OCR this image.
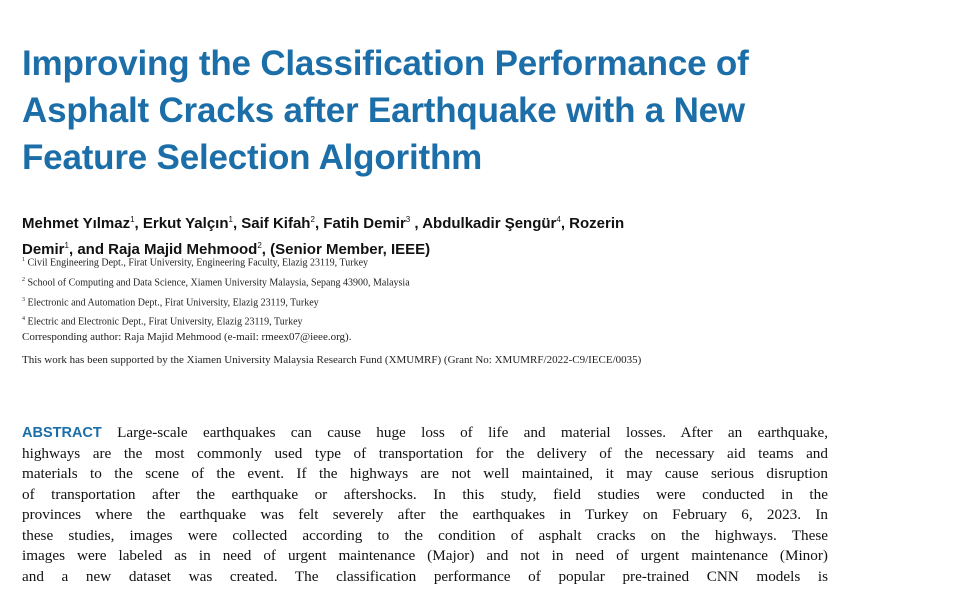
Improving the Classification Performance of
Asphalt Cracks after Earthquake with a New
Feature Selection Algorithm
Mehmet Yılmaz$^1$, Erkut Yalçın$^1$, Saif Kifah$^2$, Fatih Demir$^3$ , Abdulkadir Şengür$^4$, Rozerin
Demir$^1$, and Raja Majid Mehmood$^2$, (Senior Member, IEEE)
$^1$ Civil Engineering Dept., Firat University, Engineering Faculty, Elazig 23119, Turkey
$^2$ School of Computing and Data Science, Xiamen University Malaysia, Sepang 43900, Malaysia
$^3$ Electronic and Automation Dept., Firat University, Elazig 23119, Turkey
$^4$ Electric and Electronic Dept., Firat University, Elazig 23119, Turkey
Corresponding author: Raja Majid Mehmood (e-mail: rmeex07@ieee.org).
This work has been supported by the Xiamen University Malaysia Research Fund (XMUMRF) (Grant No: XMUMRF/2022-C9/IECE/0035)
ABSTRACT Large-scale earthquakes can cause huge loss of life and material losses. After an earthquake,
highways are the most commonly used type of transportation for the delivery of the necessary aid teams and
materials to the scene of the event. If the highways are not well maintained, it may cause serious disruption
of transportation after the earthquake or aftershocks. In this study, field studies were conducted in the
provinces where the earthquake was felt severely after the earthquakes in Turkey on February 6, 2023. In
these studies, images were collected according to the condition of asphalt cracks on the highways. These
images were labeled as in need of urgent maintenance (Major) and not in need of urgent maintenance (Minor)
and a new dataset was created. The classification performance of popular pre-trained CNN models is
